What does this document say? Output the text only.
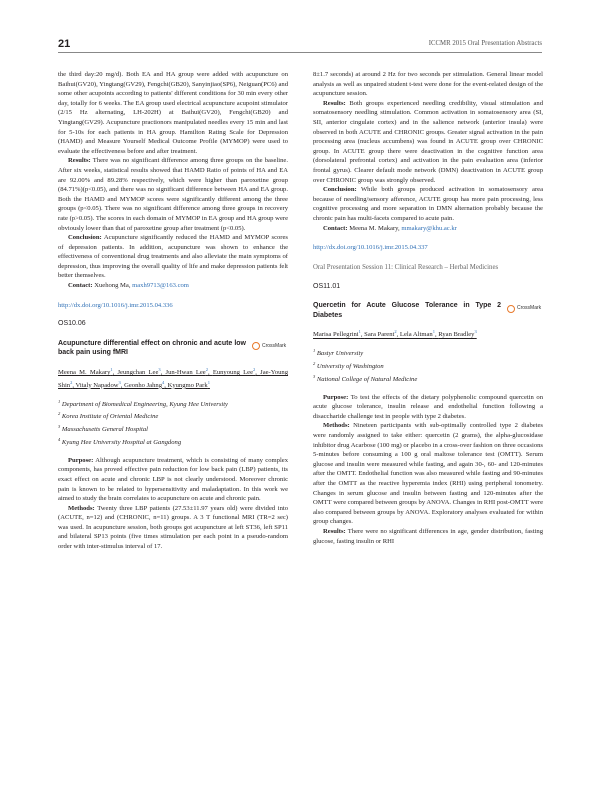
21	ICCMR 2015 Oral Presentation Abstracts

the third day:20 mg/d). Both EA and HA group were added with acupuncture on Baihui(GV20), Yingtang(GV29), Fengchi(GB20), Sanyinjiao(SP6), Neiguan(PC6) and some other acupoints according to patients' different conditions for 30 min every other day, totally for 6 weeks. The EA group used electrical acupuncture acupoint stimulator (2/15 Hz alternating, LH-202H) at Baihui(GV20), Fengchi(GB20) and Yingtang(GV29). Acupuncture practionors manipulated needles every 15 min and last for 5-10s for each patients in HA group. Hamilton Rating Scale for Depression (HAMD) and Measure Yourself Medical Outcome Profile (MYMOP) were used to evaluate the effectiveness before and after treatment.

Results: There was no significant difference among three groups on the baseline. After six weeks, statistical results showed that HAMD Ratio of points of HA and EA are 92.00% and 89.28% respectively, which were higher than paroxetine group (84.71%)(p<0.05), and there was no significant difference between HA and EA group. Both the HAMD and MYMOP scores were significantly different among the three groups (p<0.05). There was no significant difference among three groups in recovery rate (p>0.05). The scores in each domain of MYMOP in EA group and HA group were obviously lower than that of paroxetine group after treatment (p<0.05).

Conclusion: Acupuncture significantly reduced the HAMD and MYMOP scores of depression patients. In addition, acupuncture was shown to enhance the effectiveness of conventional drug treatments and also alleviate the main symptoms of depression, thus improving the overall quality of life and make depression patients felt better themselves.

Contact: Xuehong Ma, maxh9713@163.com

http://dx.doi.org/10.1016/j.imr.2015.04.336

OS10.06

Acupuncture differential effect on chronic and acute low back pain using fMRI
CrossMark

Meena M. Makary$^1$, Jeungchan Lee$^3$, Jun-Hwan Lee$^2$, Eunyoung Lee$^2$, Jae-Young Shin$^2$, Vitaly Napadow$^3$, Geonho Jahng$^4$, Kyungmo Park$^1$

$^1$ Department of Biomedical Engineering, Kyung Hee University
$^2$ Korea Institute of Oriental Medicine
$^3$ Massachusetts General Hospital
$^4$ Kyung Hee University Hospital at Gangdong

Purpose: Although acupuncture treatment, which is consisting of many complex components, has proved effective pain reduction for low back pain (LBP) patients, its exact effect on acute and chronic LBP is not clearly understood. Moreover chronic pain is known to be related to hypersensitivity and maladaptation. In this work we aimed to study the brain correlates to acupuncture on acute and chronic pain.

Methods: Twenty three LBP patients (27.53±11.97 years old) were divided into (ACUTE, n=12) and (CHRONIC, n=11) groups. A 3 T functional MRI (TR=2 sec) was used. In acupuncture session, both groups got acupuncture at left ST36, left SP11 and bilateral SP13 points (five times stimulation per each point in a pseudo-random order with inter-stimulus interval of 17.

8±1.7 seconds) at around 2 Hz for two seconds per stimulation. General linear model analysis as well as unpaired student t-test were done for the event-related design of the acupuncture session.

Results: Both groups experienced needling credibility, visual stimulation and somatosensory needling stimulation. Common activation in somatosensory area (SI, SII, anterior cingulate cortex) and in the salience network (anterior insula) were observed in both ACUTE and CHRONIC groups. Greater signal activation in the pain processing area (nucleus accumbens) was found in ACUTE group over CHRONIC group. In ACUTE group there were deactivation in the cognitive function area (dorsolateral prefrontal cortex) and activation in the pain evaluation area (inferior frontal gyrus). Clearer default mode network (DMN) deactivation in ACUTE group over CHRONIC group was strongly observed.

Conclusion: While both groups produced activation in somatosensory area because of needling/sensory afference, ACUTE group has more pain processing, less cognitive processing and more separation in DMN alternation probably because the chronic pain has multi-facets compared to acute pain.

Contact: Meena M. Makary, mmakary@khu.ac.kr

http://dx.doi.org/10.1016/j.imr.2015.04.337

Oral Presentation Session 11: Clinical Research – Herbal Medicines

OS11.01

Quercetin for Acute Glucose Tolerance in Type 2 Diabetes
CrossMark

Marisa Pellegrini$^1$, Sara Parent$^2$, Lela Altman$^1$, Ryan Bradley$^3$

$^1$ Bastyr University
$^2$ University of Washington
$^3$ National College of Natural Medicine

Purpose: To test the effects of the dietary polyphenolic compound quercetin on acute glucose tolerance, insulin release and endothelial function following a disaccharide challenge test in people with type 2 diabetes.

Methods: Nineteen participants with sub-optimally controlled type 2 diabetes were randomly assigned to take either: quercetin (2 grams), the alpha-glucosidase inhibitor drug Acarbose (100 mg) or placebo in a cross-over fashion on three occasions 5-minutes before consuming a 100 g oral maltose tolerance test (OMTT). Serum glucose and insulin were measured while fasting, and again 30-, 60- and 120-minutes after the OMTT. Endothelial function was also measured while fasting and 90-minutes after the OMTT as the reactive hyperemia index (RHI) using peripheral tonometry. Changes in serum glucose and insulin between fasting and 120-minutes after the OMTT were compared between groups by ANOVA. Changes in RHI post-OMTT were also compared between groups by ANOVA. Exploratory analyses evaluated for within group changes.

Results: There were no significant differences in age, gender distribution, fasting glucose, fasting insulin or RHI
